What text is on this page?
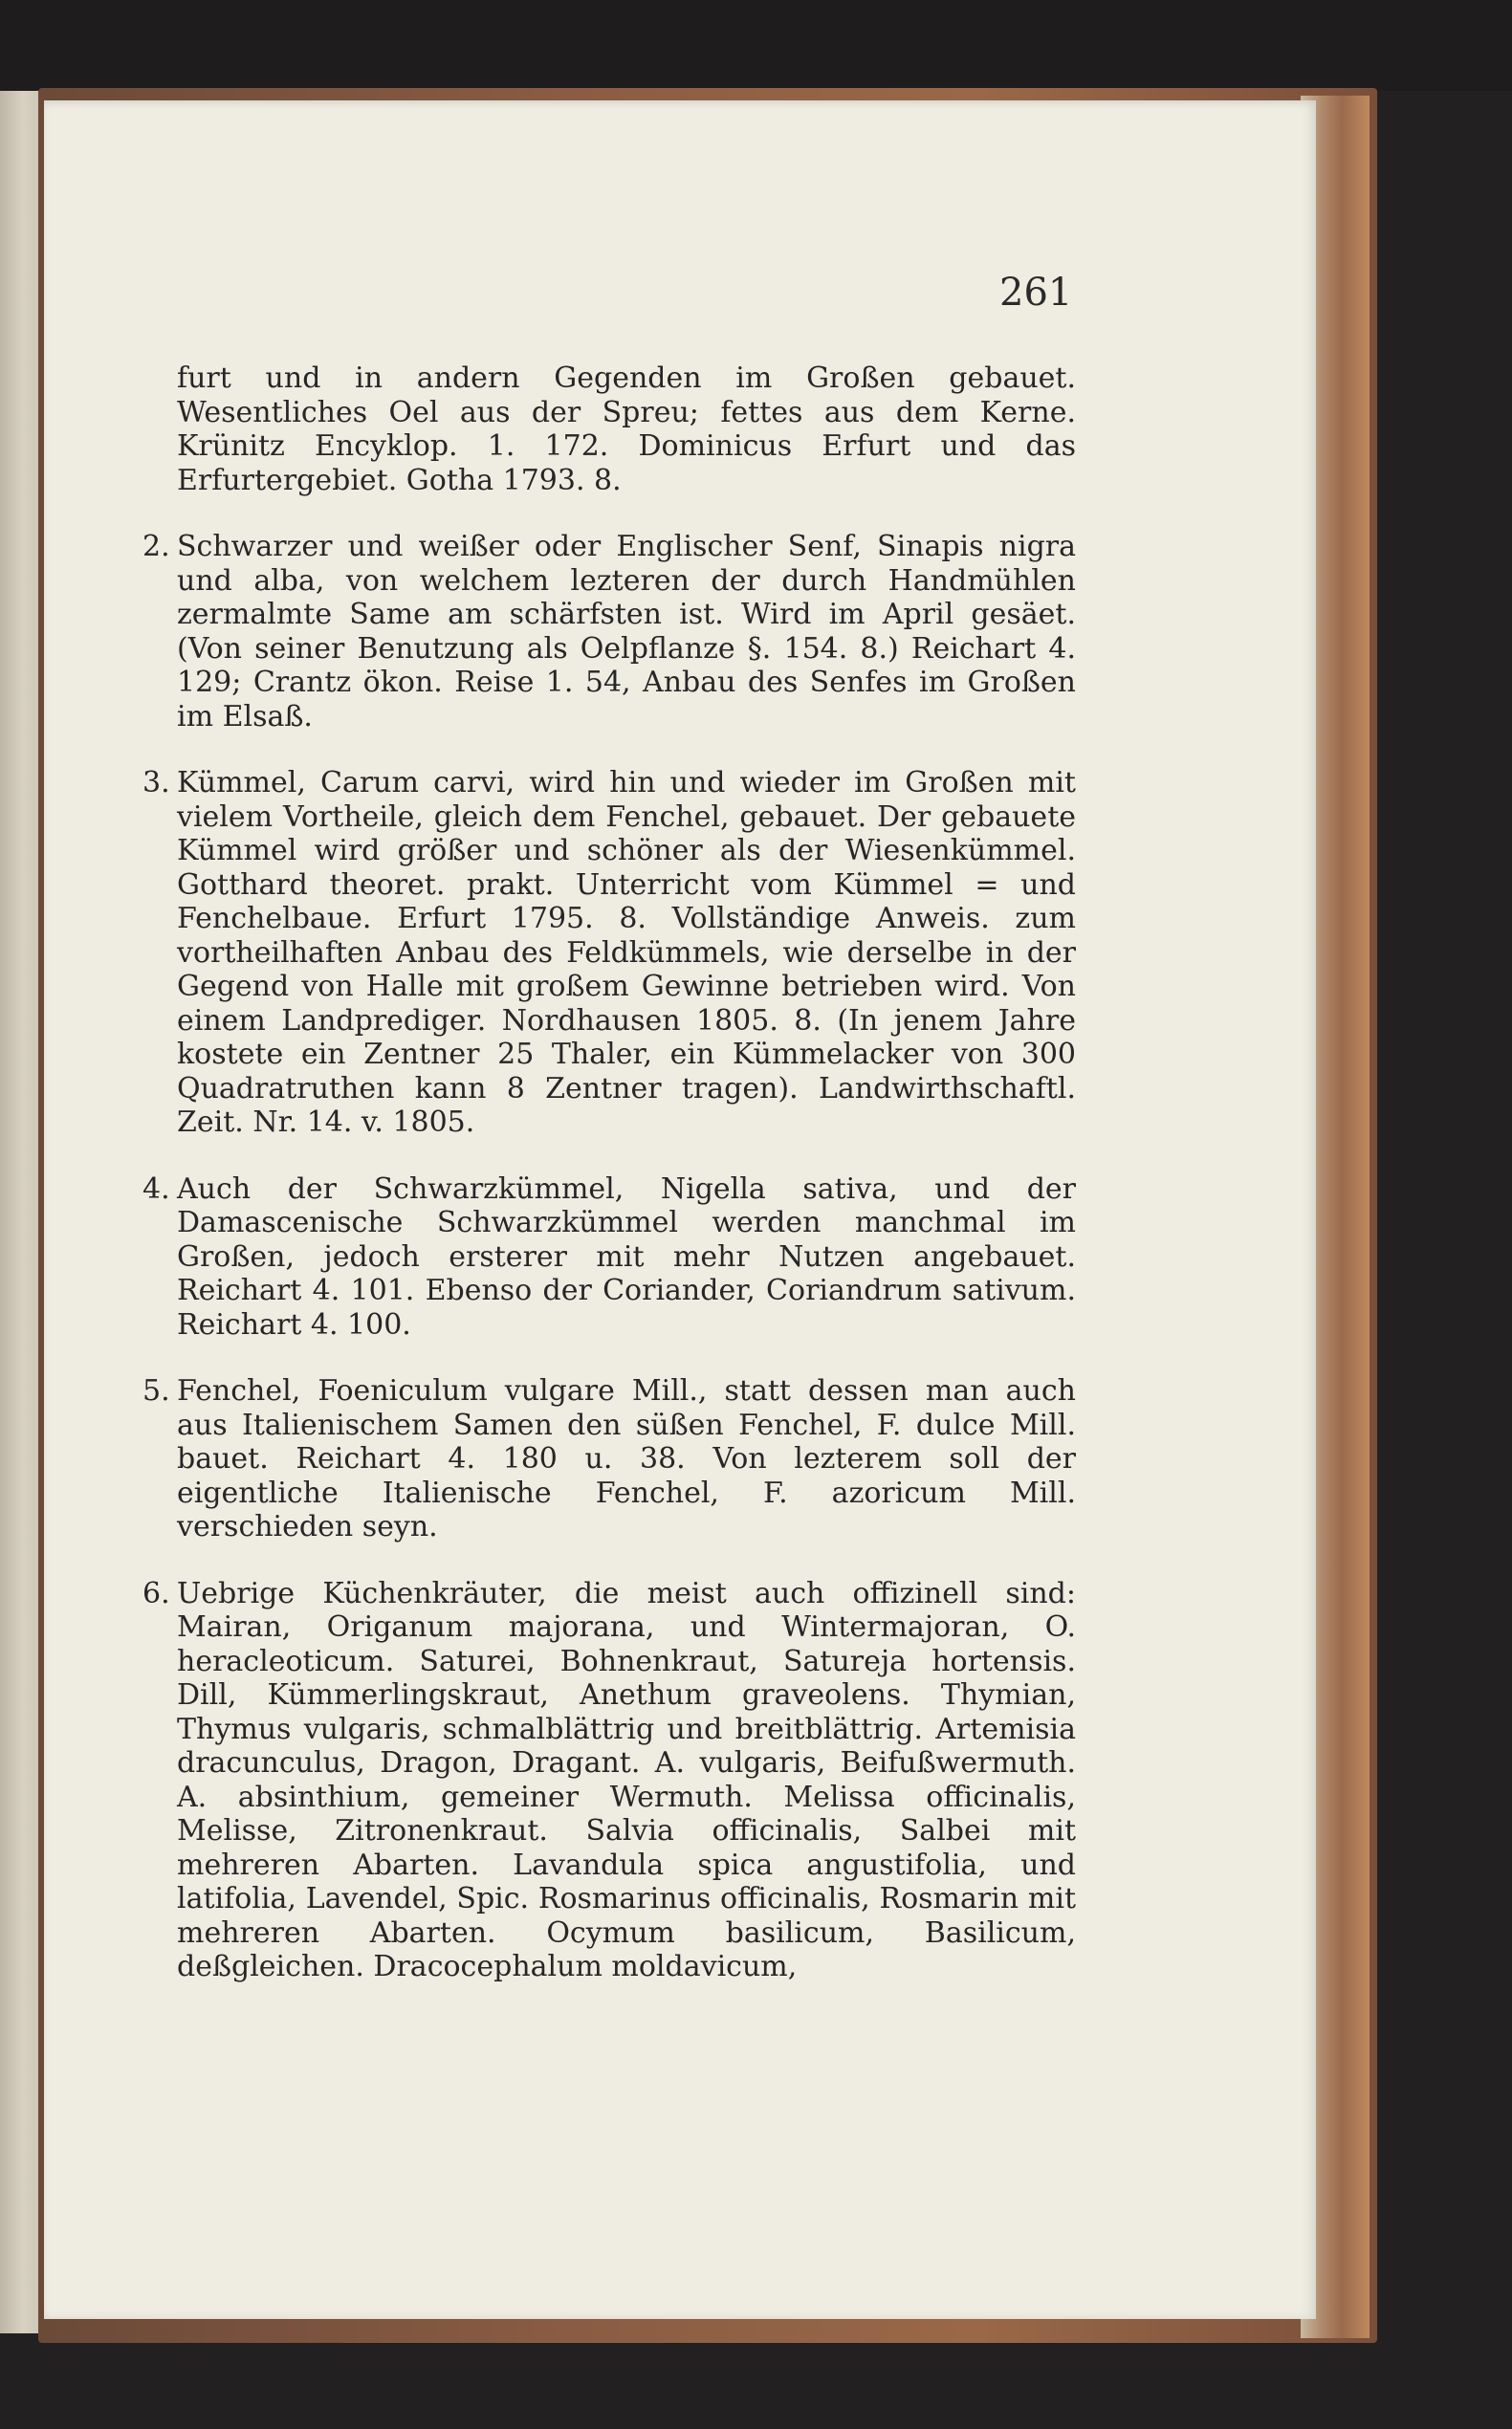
261

furt und in andern Gegenden im Großen gebauet. Wesentliches Oel aus der Spreu; fettes aus dem Kerne. Krünitz Encyklop. 1. 172. Dominicus Erfurt und das Erfurtergebiet. Gotha 1793. 8.

2. Schwarzer und weißer oder Englischer Senf, Sinapis nigra und alba, von welchem lezteren der durch Handmühlen zermalmte Same am schärfsten ist. Wird im April gesäet. (Von seiner Benutzung als Oelpflanze §. 154. 8.) Reichart 4. 129; Crantz ökon. Reise 1. 54, Anbau des Senfes im Großen im Elsaß.
3. Kümmel, Carum carvi, wird hin und wieder im Großen mit vielem Vortheile, gleich dem Fenchel, gebauet. Der gebauete Kümmel wird größer und schöner als der Wiesenkümmel. Gotthard theoret. prakt. Unterricht vom Kümmel = und Fenchelbaue. Erfurt 1795. 8. Vollständige Anweis. zum vortheilhaften Anbau des Feldkümmels, wie derselbe in der Gegend von Halle mit großem Gewinne betrieben wird. Von einem Landprediger. Nordhausen 1805. 8. (In jenem Jahre kostete ein Zentner 25 Thaler, ein Kümmelacker von 300 Quadratruthen kann 8 Zentner tragen). Landwirthschaftl. Zeit. Nr. 14. v. 1805.
4. Auch der Schwarzkümmel, Nigella sativa, und der Damascenische Schwarzkümmel werden manchmal im Großen, jedoch ersterer mit mehr Nutzen angebauet. Reichart 4. 101. Ebenso der Coriander, Coriandrum sativum. Reichart 4. 100.
5. Fenchel, Foeniculum vulgare Mill., statt dessen man auch aus Italienischem Samen den süßen Fenchel, F. dulce Mill. bauet. Reichart 4. 180 u. 38. Von lezterem soll der eigentliche Italienische Fenchel, F. azoricum Mill. verschieden seyn.
6. Uebrige Küchenkräuter, die meist auch offizinell sind: Mairan, Origanum majorana, und Wintermajoran, O. heracleoticum. Saturei, Bohnenkraut, Satureja hortensis. Dill, Kümmerlingskraut, Anethum graveolens. Thymian, Thymus vulgaris, schmalblättrig und breitblättrig. Artemisia dracunculus, Dragon, Dragant. A. vulgaris, Beifußwermuth. A. absinthium, gemeiner Wermuth. Melissa officinalis, Melisse, Zitronenkraut. Salvia officinalis, Salbei mit mehreren Abarten. Lavandula spica angustifolia, und latifolia, Lavendel, Spic. Rosmarinus officinalis, Rosmarin mit mehreren Abarten. Ocymum basilicum, Basilicum, deßgleichen. Dracocephalum moldavicum,
